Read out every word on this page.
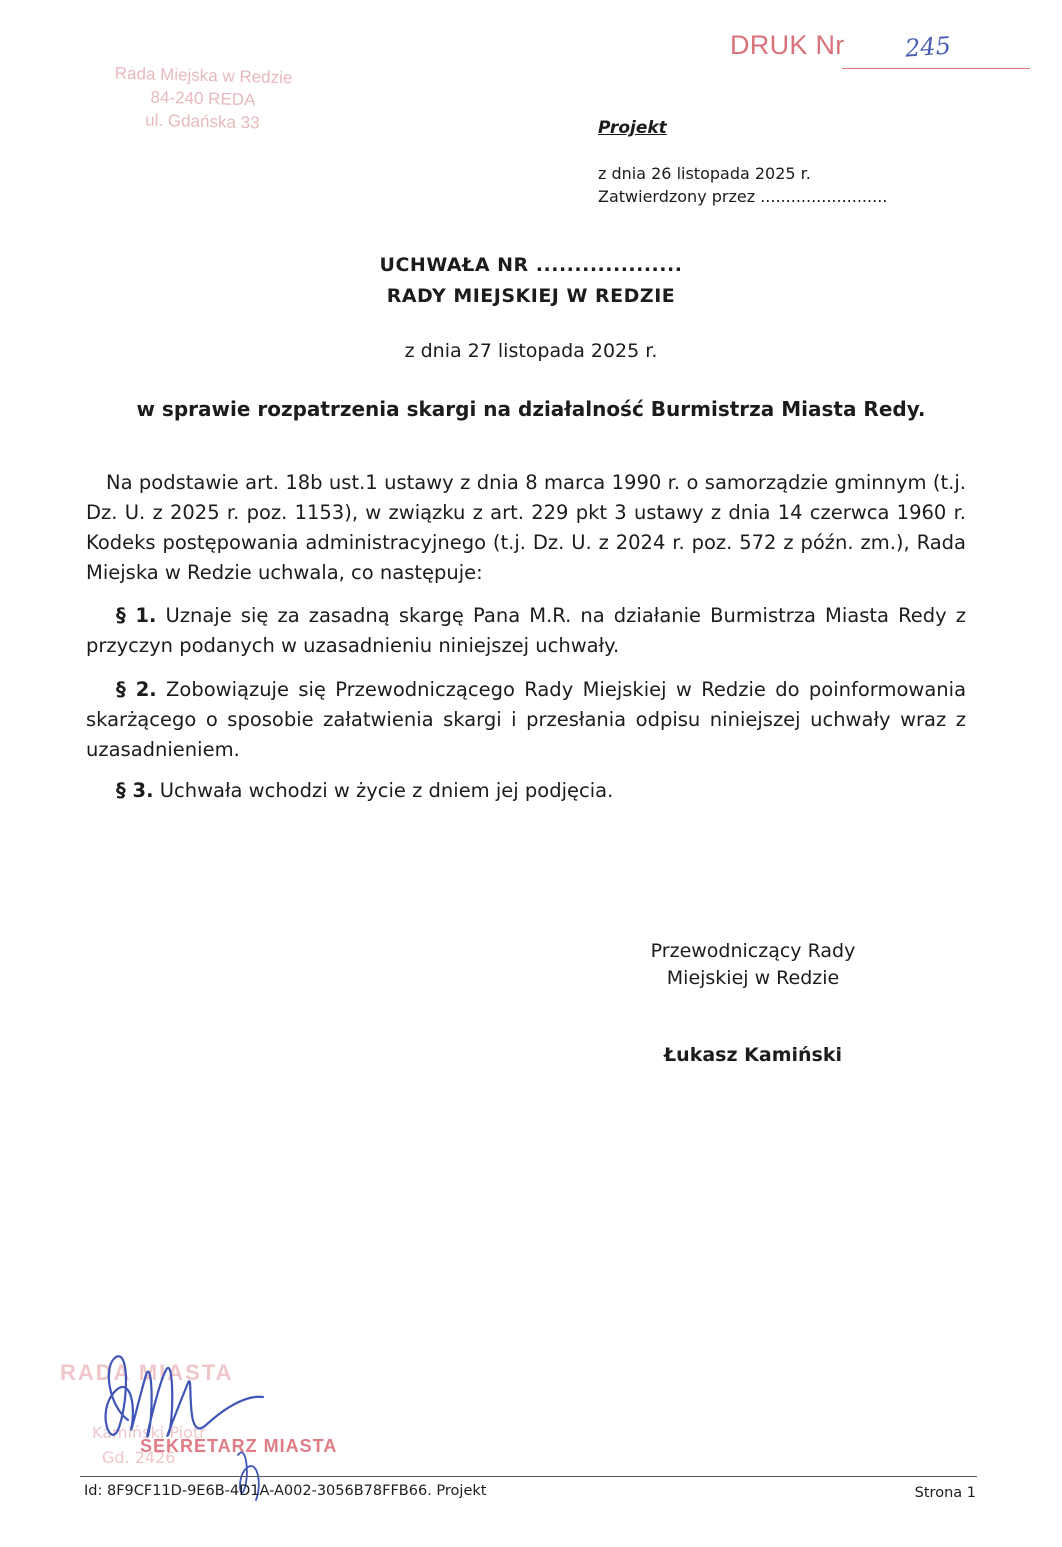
Rada Miejska w Redzie
84-240 REDA
ul. Gdańska 33
DRUK Nr 245
Projekt
z dnia 26 listopada 2025 r.
Zatwierdzony przez .........................
UCHWAŁA NR ...................
RADY MIEJSKIEJ W REDZIE
z dnia 27 listopada 2025 r.
w sprawie rozpatrzenia skargi na działalność Burmistrza Miasta Redy.

Na podstawie art. 18b ust.1 ustawy z dnia 8 marca 1990 r. o samorządzie gminnym (t.j. Dz. U. z 2025 r. poz. 1153), w związku z art. 229 pkt 3 ustawy z dnia 14 czerwca 1960 r. Kodeks postępowania administracyjnego (t.j. Dz. U. z 2024 r. poz. 572 z późn. zm.), Rada Miejska w Redzie uchwala, co następuje:

§ 1. Uznaje się za zasadną skargę Pana M.R. na działanie Burmistrza Miasta Redy z przyczyn podanych w uzasadnieniu niniejszej uchwały.

§ 2. Zobowiązuje się Przewodniczącego Rady Miejskiej w Redzie do poinformowania skarżącego o sposobie załatwienia skargi i przesłania odpisu niniejszej uchwały wraz z uzasadnieniem.

§ 3. Uchwała wchodzi w życie z dniem jej podjęcia.

Przewodniczący Rady
Miejskiej w Redzie
Łukasz Kamiński
RADA MIASTA
Kamiński Piotr
Gd. 2426
SEKRETARZ MIASTA
Id: 8F9CF11D-9E6B-4D1A-A002-3056B78FFB66. Projekt	Strona 1
